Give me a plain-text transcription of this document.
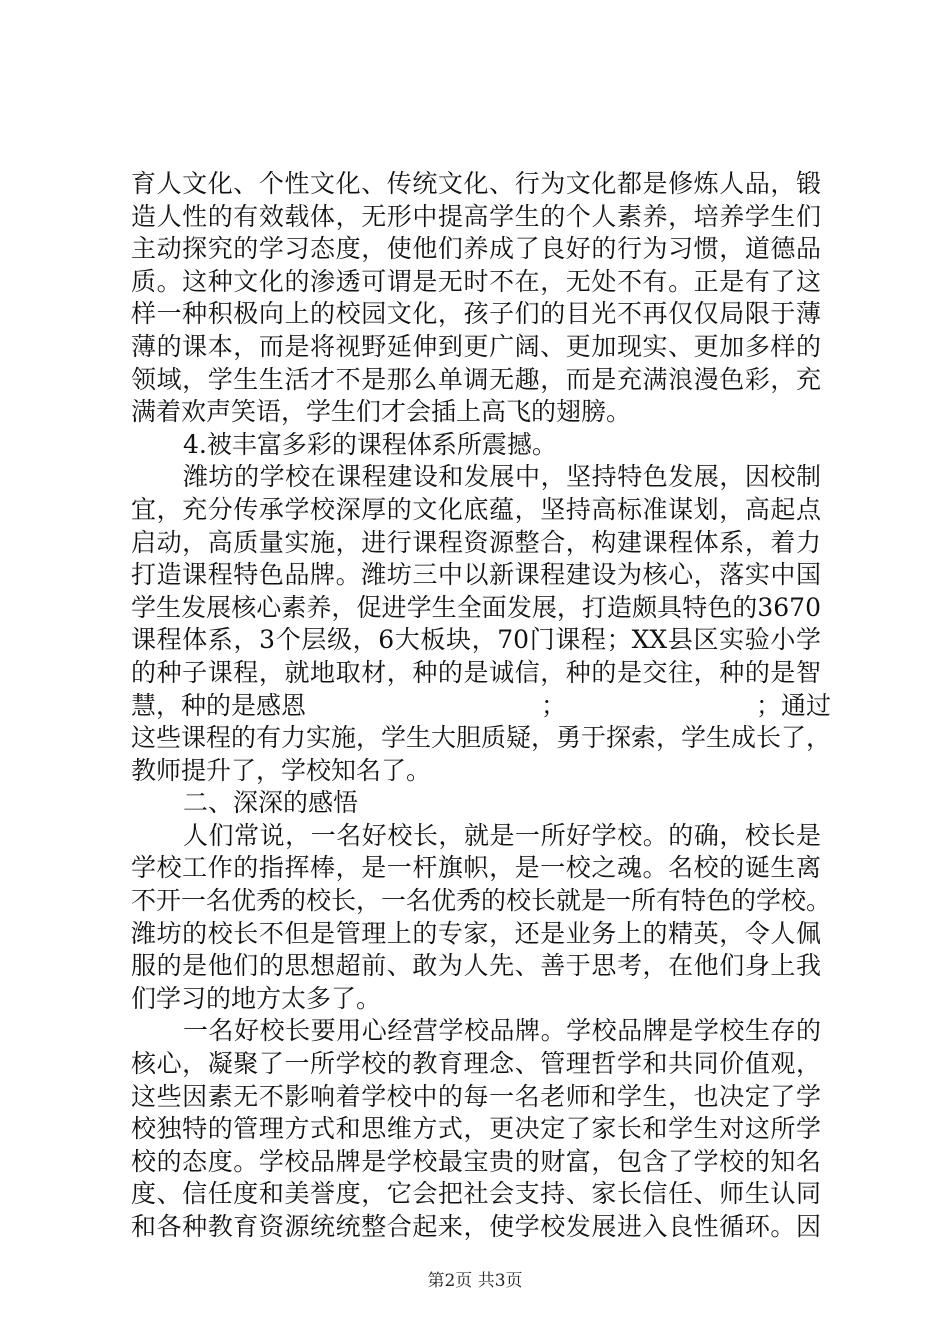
育人文化、个性文化、传统文化、行为文化都是修炼人品，锻
造人性的有效载体，无形中提高学生的个人素养，培养学生们
主动探究的学习态度，使他们养成了良好的行为习惯，道德品
质。这种文化的渗透可谓是无时不在，无处不有。正是有了这
样一种积极向上的校园文化，孩子们的目光不再仅仅局限于薄
薄的课本，而是将视野延伸到更广阔、更加现实、更加多样的
领域，学生生活才不是那么单调无趣，而是充满浪漫色彩，充
满着欢声笑语，学生们才会插上高飞的翅膀。
4.被丰富多彩的课程体系所震撼。
潍坊的学校在课程建设和发展中，坚持特色发展，因校制
宜，充分传承学校深厚的文化底蕴，坚持高标准谋划，高起点
启动，高质量实施，进行课程资源整合，构建课程体系，着力
打造课程特色品牌。潍坊三中以新课程建设为核心，落实中国
学生发展核心素养，促进学生全面发展，打造颇具特色的3670
课程体系，3个层级，6大板块，70门课程；XX县区实验小学
的种子课程，就地取材，种的是诚信，种的是交往，种的是智
慧，种的是感恩	；	；通过
这些课程的有力实施，学生大胆质疑，勇于探索，学生成长了，
教师提升了，学校知名了。
二、深深的感悟
人们常说，一名好校长，就是一所好学校。的确，校长是
学校工作的指挥棒，是一杆旗帜，是一校之魂。名校的诞生离
不开一名优秀的校长，一名优秀的校长就是一所有特色的学校。
潍坊的校长不但是管理上的专家，还是业务上的精英，令人佩
服的是他们的思想超前、敢为人先、善于思考，在他们身上我
们学习的地方太多了。
一名好校长要用心经营学校品牌。学校品牌是学校生存的
核心，凝聚了一所学校的教育理念、管理哲学和共同价值观，
这些因素无不影响着学校中的每一名老师和学生，也决定了学
校独特的管理方式和思维方式，更决定了家长和学生对这所学
校的态度。学校品牌是学校最宝贵的财富，包含了学校的知名
度、信任度和美誉度，它会把社会支持、家长信任、师生认同
和各种教育资源统统整合起来，使学校发展进入良性循环。因
第2页 共3页
